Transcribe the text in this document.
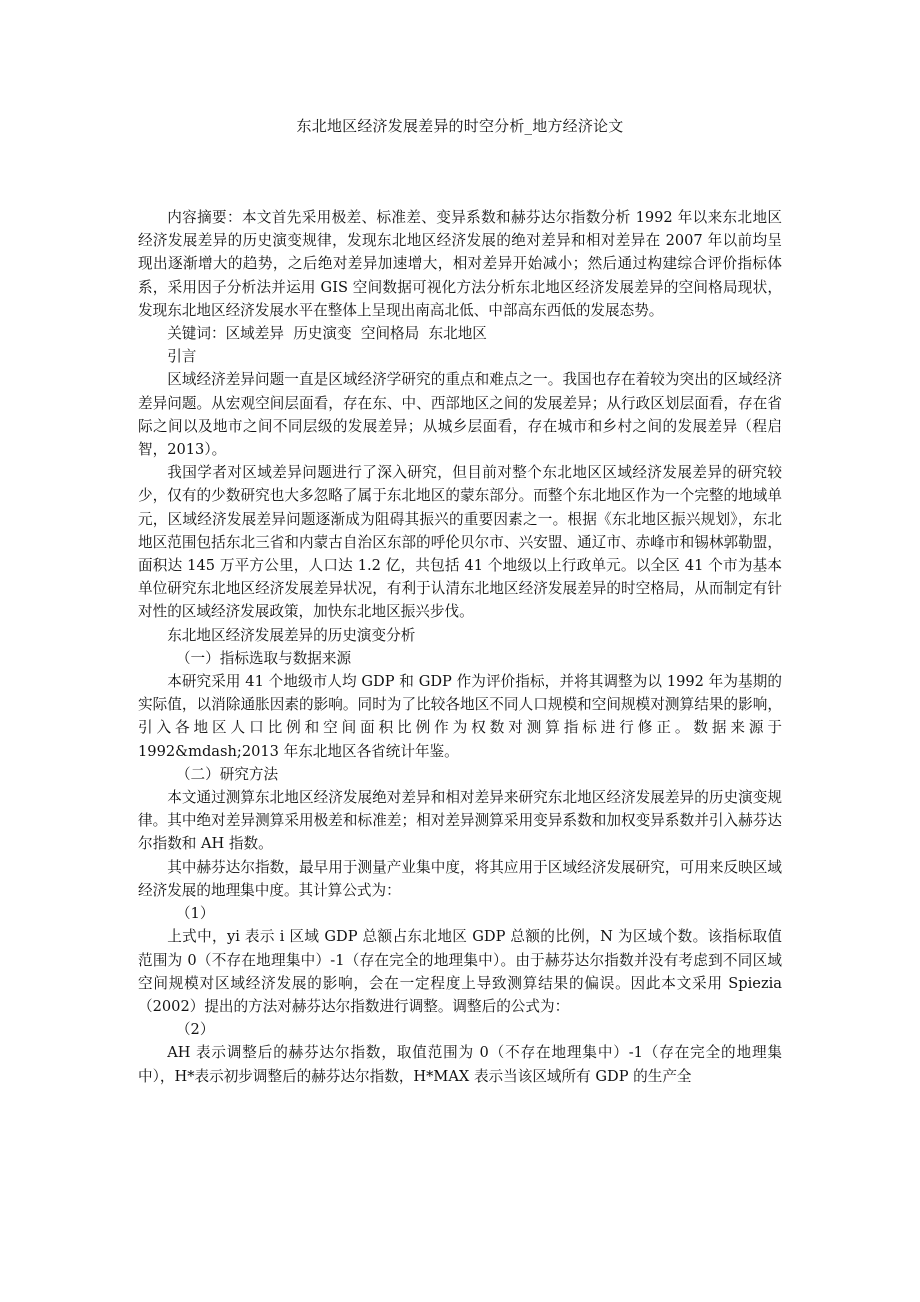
东北地区经济发展差异的时空分析_地方经济论文

内容摘要：本文首先采用极差、标准差、变异系数和赫芬达尔指数分析 1992 年以来东北地区经济发展差异的历史演变规律，发现东北地区经济发展的绝对差异和相对差异在 2007 年以前均呈现出逐渐增大的趋势，之后绝对差异加速增大，相对差异开始减小；然后通过构建综合评价指标体系，采用因子分析法并运用 GIS 空间数据可视化方法分析东北地区经济发展差异的空间格局现状，发现东北地区经济发展水平在整体上呈现出南高北低、中部高东西低的发展态势。

关键词：区域差异  历史演变  空间格局  东北地区

引言

区域经济差异问题一直是区域经济学研究的重点和难点之一。我国也存在着较为突出的区域经济差异问题。从宏观空间层面看，存在东、中、西部地区之间的发展差异；从行政区划层面看，存在省际之间以及地市之间不同层级的发展差异；从城乡层面看，存在城市和乡村之间的发展差异（程启智，2013）。

我国学者对区域差异问题进行了深入研究，但目前对整个东北地区区域经济发展差异的研究较少，仅有的少数研究也大多忽略了属于东北地区的蒙东部分。而整个东北地区作为一个完整的地域单元，区域经济发展差异问题逐渐成为阻碍其振兴的重要因素之一。根据《东北地区振兴规划》，东北地区范围包括东北三省和内蒙古自治区东部的呼伦贝尔市、兴安盟、通辽市、赤峰市和锡林郭勒盟，面积达 145 万平方公里，人口达 1.2 亿，共包括 41 个地级以上行政单元。以全区 41 个市为基本单位研究东北地区经济发展差异状况，有利于认清东北地区经济发展差异的时空格局，从而制定有针对性的区域经济发展政策，加快东北地区振兴步伐。

东北地区经济发展差异的历史演变分析

（一）指标选取与数据来源

本研究采用 41 个地级市人均 GDP 和 GDP 作为评价指标，并将其调整为以 1992 年为基期的实际值，以消除通胀因素的影响。同时为了比较各地区不同人口规模和空间规模对测算结果的影响，引入各地区人口比例和空间面积比例作为权数对测算指标进行修正。数据来源于 1992&mdash;2013 年东北地区各省统计年鉴。

（二）研究方法

本文通过测算东北地区经济发展绝对差异和相对差异来研究东北地区经济发展差异的历史演变规律。其中绝对差异测算采用极差和标准差；相对差异测算采用变异系数和加权变异系数并引入赫芬达尔指数和 AH 指数。

其中赫芬达尔指数，最早用于测量产业集中度，将其应用于区域经济发展研究，可用来反映区域经济发展的地理集中度。其计算公式为：

（1）

上式中，yi 表示 i 区域 GDP 总额占东北地区 GDP 总额的比例，N 为区域个数。该指标取值范围为 0（不存在地理集中）-1（存在完全的地理集中）。由于赫芬达尔指数并没有考虑到不同区域空间规模对区域经济发展的影响，会在一定程度上导致测算结果的偏误。因此本文采用 Spiezia（2002）提出的方法对赫芬达尔指数进行调整。调整后的公式为：

（2）

AH 表示调整后的赫芬达尔指数，取值范围为 0（不存在地理集中）-1（存在完全的地理集中），H*表示初步调整后的赫芬达尔指数，H*MAX 表示当该区域所有 GDP 的生产全
